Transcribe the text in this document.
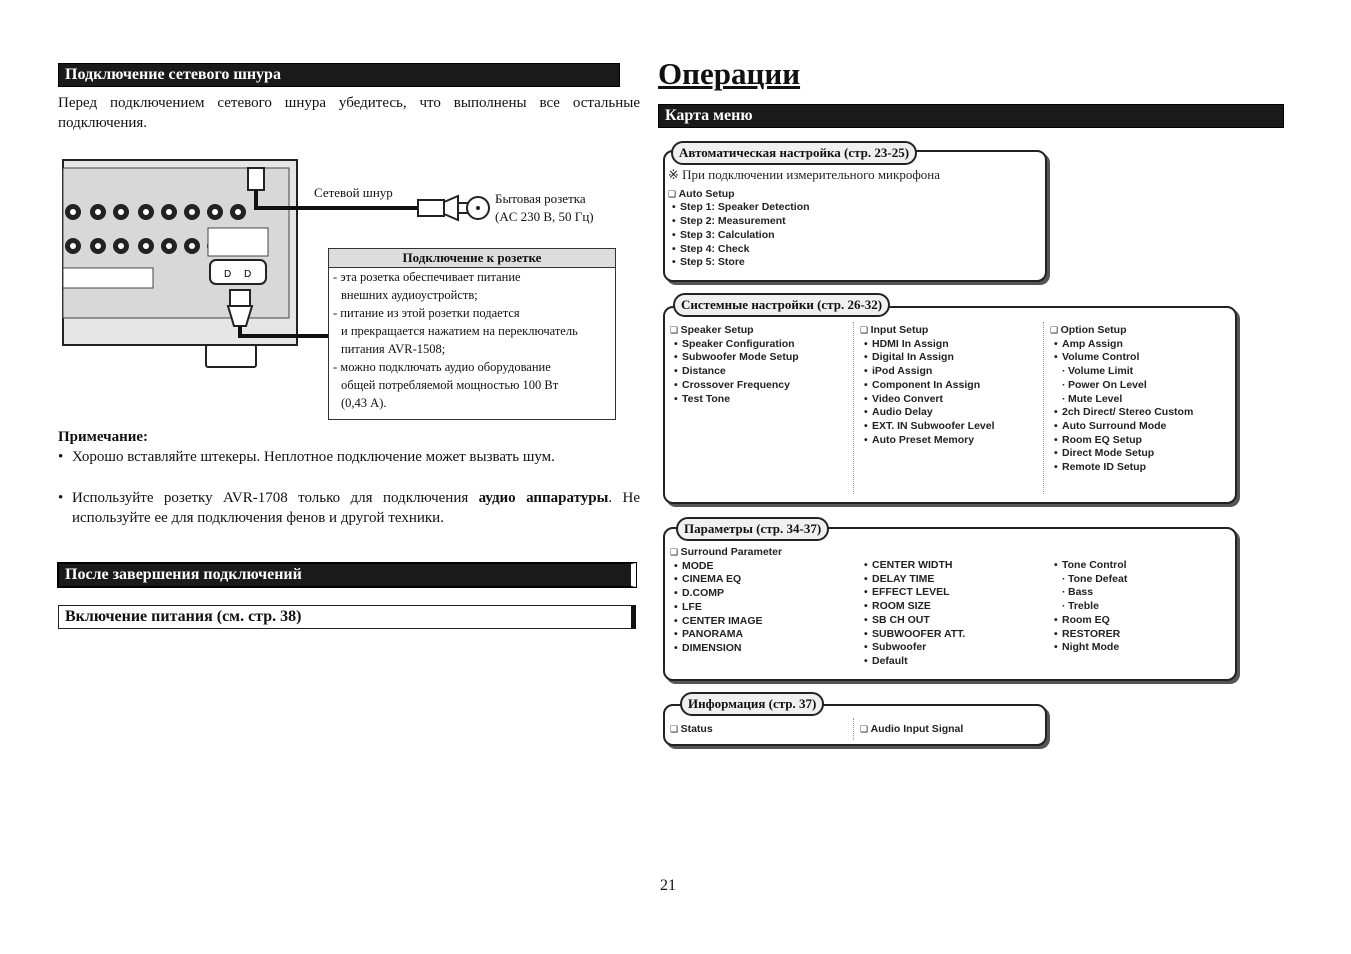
Подключение сетевого шнура
Перед подключением сетевого шнура убедитесь, что выполнены все остальные подключения.
D D
Сетевой шнур	Бытовая розетка
(AC 230 В, 50 Гц)
Подключение к розетке
- эта розетка обеспечивает питание
внешних аудиоустройств;
- питание из этой розетки подается
и прекращается нажатием на переключатель
питания AVR-1508;
- можно подключать аудио оборудование
общей потребляемой мощностью 100 Вт
(0,43 А).
Примечание:
• Хорошо вставляйте штекеры. Неплотное подключение может вызвать шум.
• Используйте розетку AVR-1708 только для подключения аудио аппаратуры. Не используйте ее для подключения фенов и другой техники.
После завершения подключений
Включение питания (см. стр. 38)
Операции
Карта меню
Автоматическая настройка (стр. 23-25)
※ При подключении измерительного микрофона
❑ Auto Setup
• Step 1: Speaker Detection
• Step 2: Measurement
• Step 3: Calculation
• Step 4: Check
• Step 5: Store
Системные настройки (стр. 26-32)
❑ Speaker Setup
• Speaker Configuration
• Subwoofer Mode Setup
• Distance
• Crossover Frequency
• Test Tone
❑ Input Setup
• HDMI In Assign
• Digital In Assign
• iPod Assign
• Component In Assign
• Video Convert
• Audio Delay
• EXT. IN Subwoofer Level
• Auto Preset Memory
❑ Option Setup
• Amp Assign
• Volume Control
· Volume Limit
· Power On Level
· Mute Level
• 2ch Direct/ Stereo Custom
• Auto Surround Mode
• Room EQ Setup
• Direct Mode Setup
• Remote ID Setup
Параметры (стр. 34-37)
❑ Surround Parameter
• MODE
• CINEMA EQ
• D.COMP
• LFE
• CENTER IMAGE
• PANORAMA
• DIMENSION
• CENTER WIDTH
• DELAY TIME
• EFFECT LEVEL
• ROOM SIZE
• SB CH OUT
• SUBWOOFER ATT.
• Subwoofer
• Default
• Tone Control
· Tone Defeat
· Bass
· Treble
• Room EQ
• RESTORER
• Night Mode
Информация (стр. 37)
❑ Status
❑	Audio Input Signal
21
